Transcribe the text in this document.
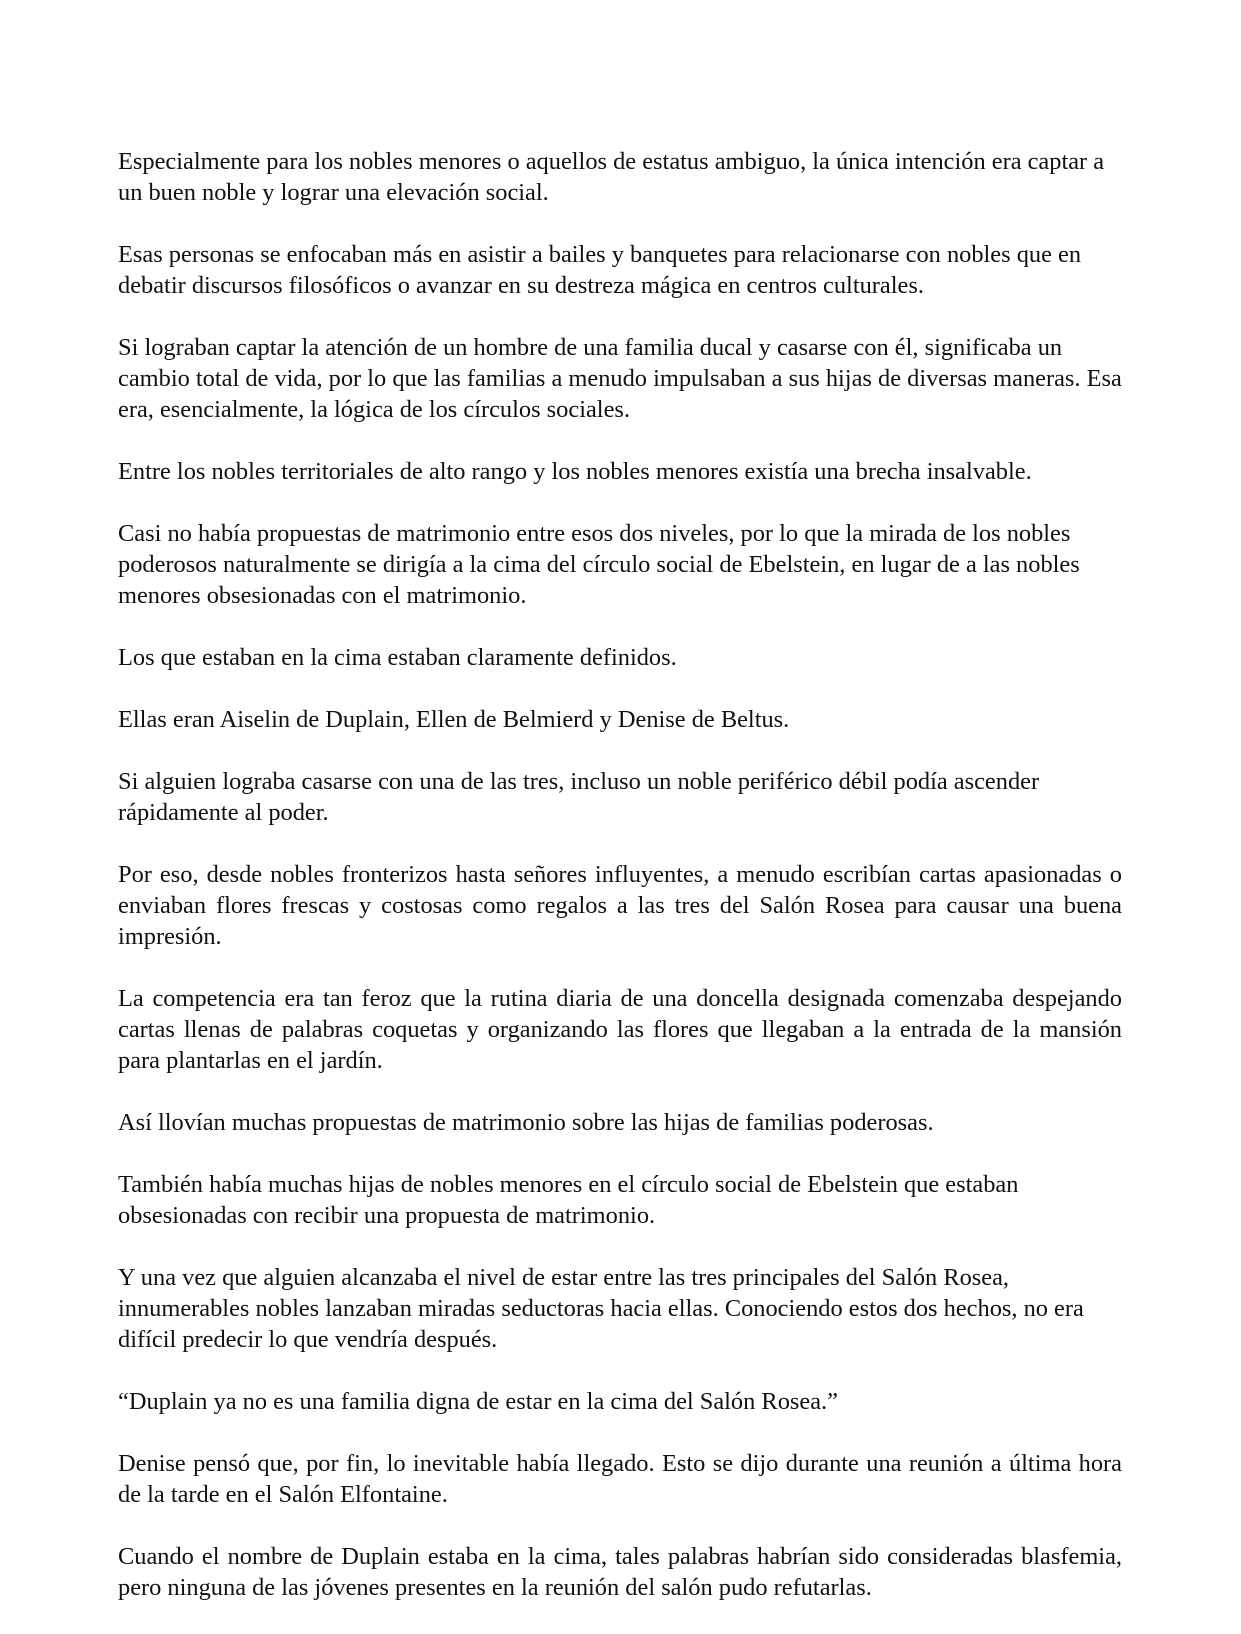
Especialmente para los nobles menores o aquellos de estatus ambiguo, la única intención era captar a un buen noble y lograr una elevación social.

Esas personas se enfocaban más en asistir a bailes y banquetes para relacionarse con nobles que en debatir discursos filosóficos o avanzar en su destreza mágica en centros culturales.

Si lograban captar la atención de un hombre de una familia ducal y casarse con él, significaba un cambio total de vida, por lo que las familias a menudo impulsaban a sus hijas de diversas maneras. Esa era, esencialmente, la lógica de los círculos sociales.

Entre los nobles territoriales de alto rango y los nobles menores existía una brecha insalvable.

Casi no había propuestas de matrimonio entre esos dos niveles, por lo que la mirada de los nobles poderosos naturalmente se dirigía a la cima del círculo social de Ebelstein, en lugar de a las nobles menores obsesionadas con el matrimonio.

Los que estaban en la cima estaban claramente definidos.

Ellas eran Aiselin de Duplain, Ellen de Belmierd y Denise de Beltus.

Si alguien lograba casarse con una de las tres, incluso un noble periférico débil podía ascender rápidamente al poder.

Por eso, desde nobles fronterizos hasta señores influyentes, a menudo escribían cartas apasionadas o enviaban flores frescas y costosas como regalos a las tres del Salón Rosea para causar una buena impresión.

La competencia era tan feroz que la rutina diaria de una doncella designada comenzaba despejando cartas llenas de palabras coquetas y organizando las flores que llegaban a la entrada de la mansión para plantarlas en el jardín.

Así llovían muchas propuestas de matrimonio sobre las hijas de familias poderosas.

También había muchas hijas de nobles menores en el círculo social de Ebelstein que estaban obsesionadas con recibir una propuesta de matrimonio.

Y una vez que alguien alcanzaba el nivel de estar entre las tres principales del Salón Rosea, innumerables nobles lanzaban miradas seductoras hacia ellas. Conociendo estos dos hechos, no era difícil predecir lo que vendría después.

“Duplain ya no es una familia digna de estar en la cima del Salón Rosea.”

Denise pensó que, por fin, lo inevitable había llegado. Esto se dijo durante una reunión a última hora de la tarde en el Salón Elfontaine.

Cuando el nombre de Duplain estaba en la cima, tales palabras habrían sido consideradas blasfemia, pero ninguna de las jóvenes presentes en la reunión del salón pudo refutarlas.
